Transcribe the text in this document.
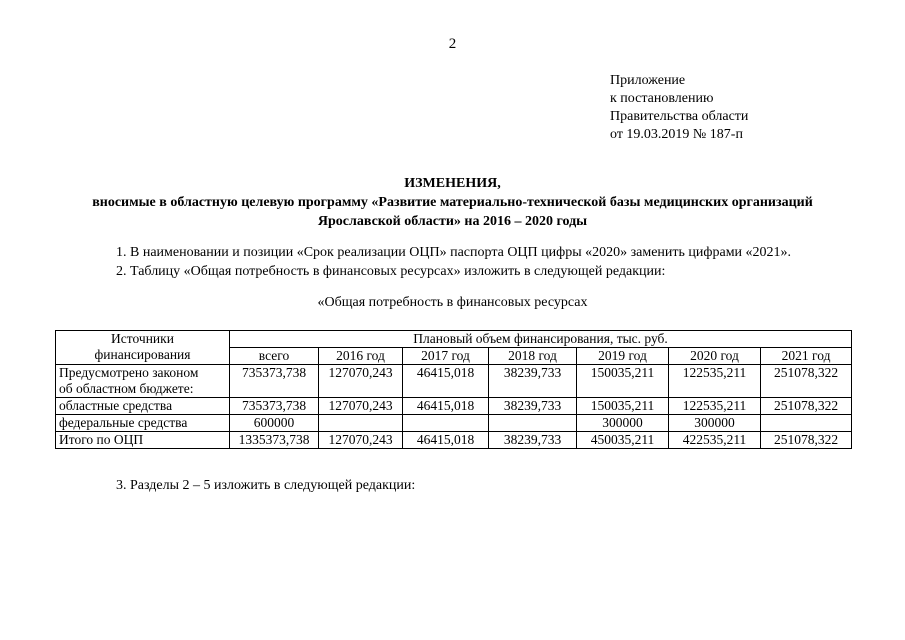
2
Приложение
к постановлению
Правительства области
от 19.03.2019 № 187-п
ИЗМЕНЕНИЯ,
вносимые в областную целевую программу «Развитие материально-технической базы медицинских организаций
Ярославской области» на 2016 – 2020 годы
1. В наименовании и позиции «Срок реализации ОЦП» паспорта ОЦП цифры «2020» заменить цифрами «2021».
2. Таблицу «Общая потребность в финансовых ресурсах» изложить в следующей редакции:
«Общая потребность в финансовых ресурсах
Источники
финансирования	Плановый объем финансирования, тыс. руб.						
	всего	2016 год	2017 год	2018 год	2019 год	2020 год	2021 год

Предусмотрено законом
об областном бюджете:	735373,738	127070,243	46415,018	38239,733	150035,211	122535,211	251078,322
областные средства	735373,738	127070,243	46415,018	38239,733	150035,211	122535,211	251078,322
федеральные средства	600000				300000	300000	
Итого по ОЦП	1335373,738	127070,243	46415,018	38239,733	450035,211	422535,211	251078,322
3. Разделы 2 – 5 изложить в следующей редакции:
